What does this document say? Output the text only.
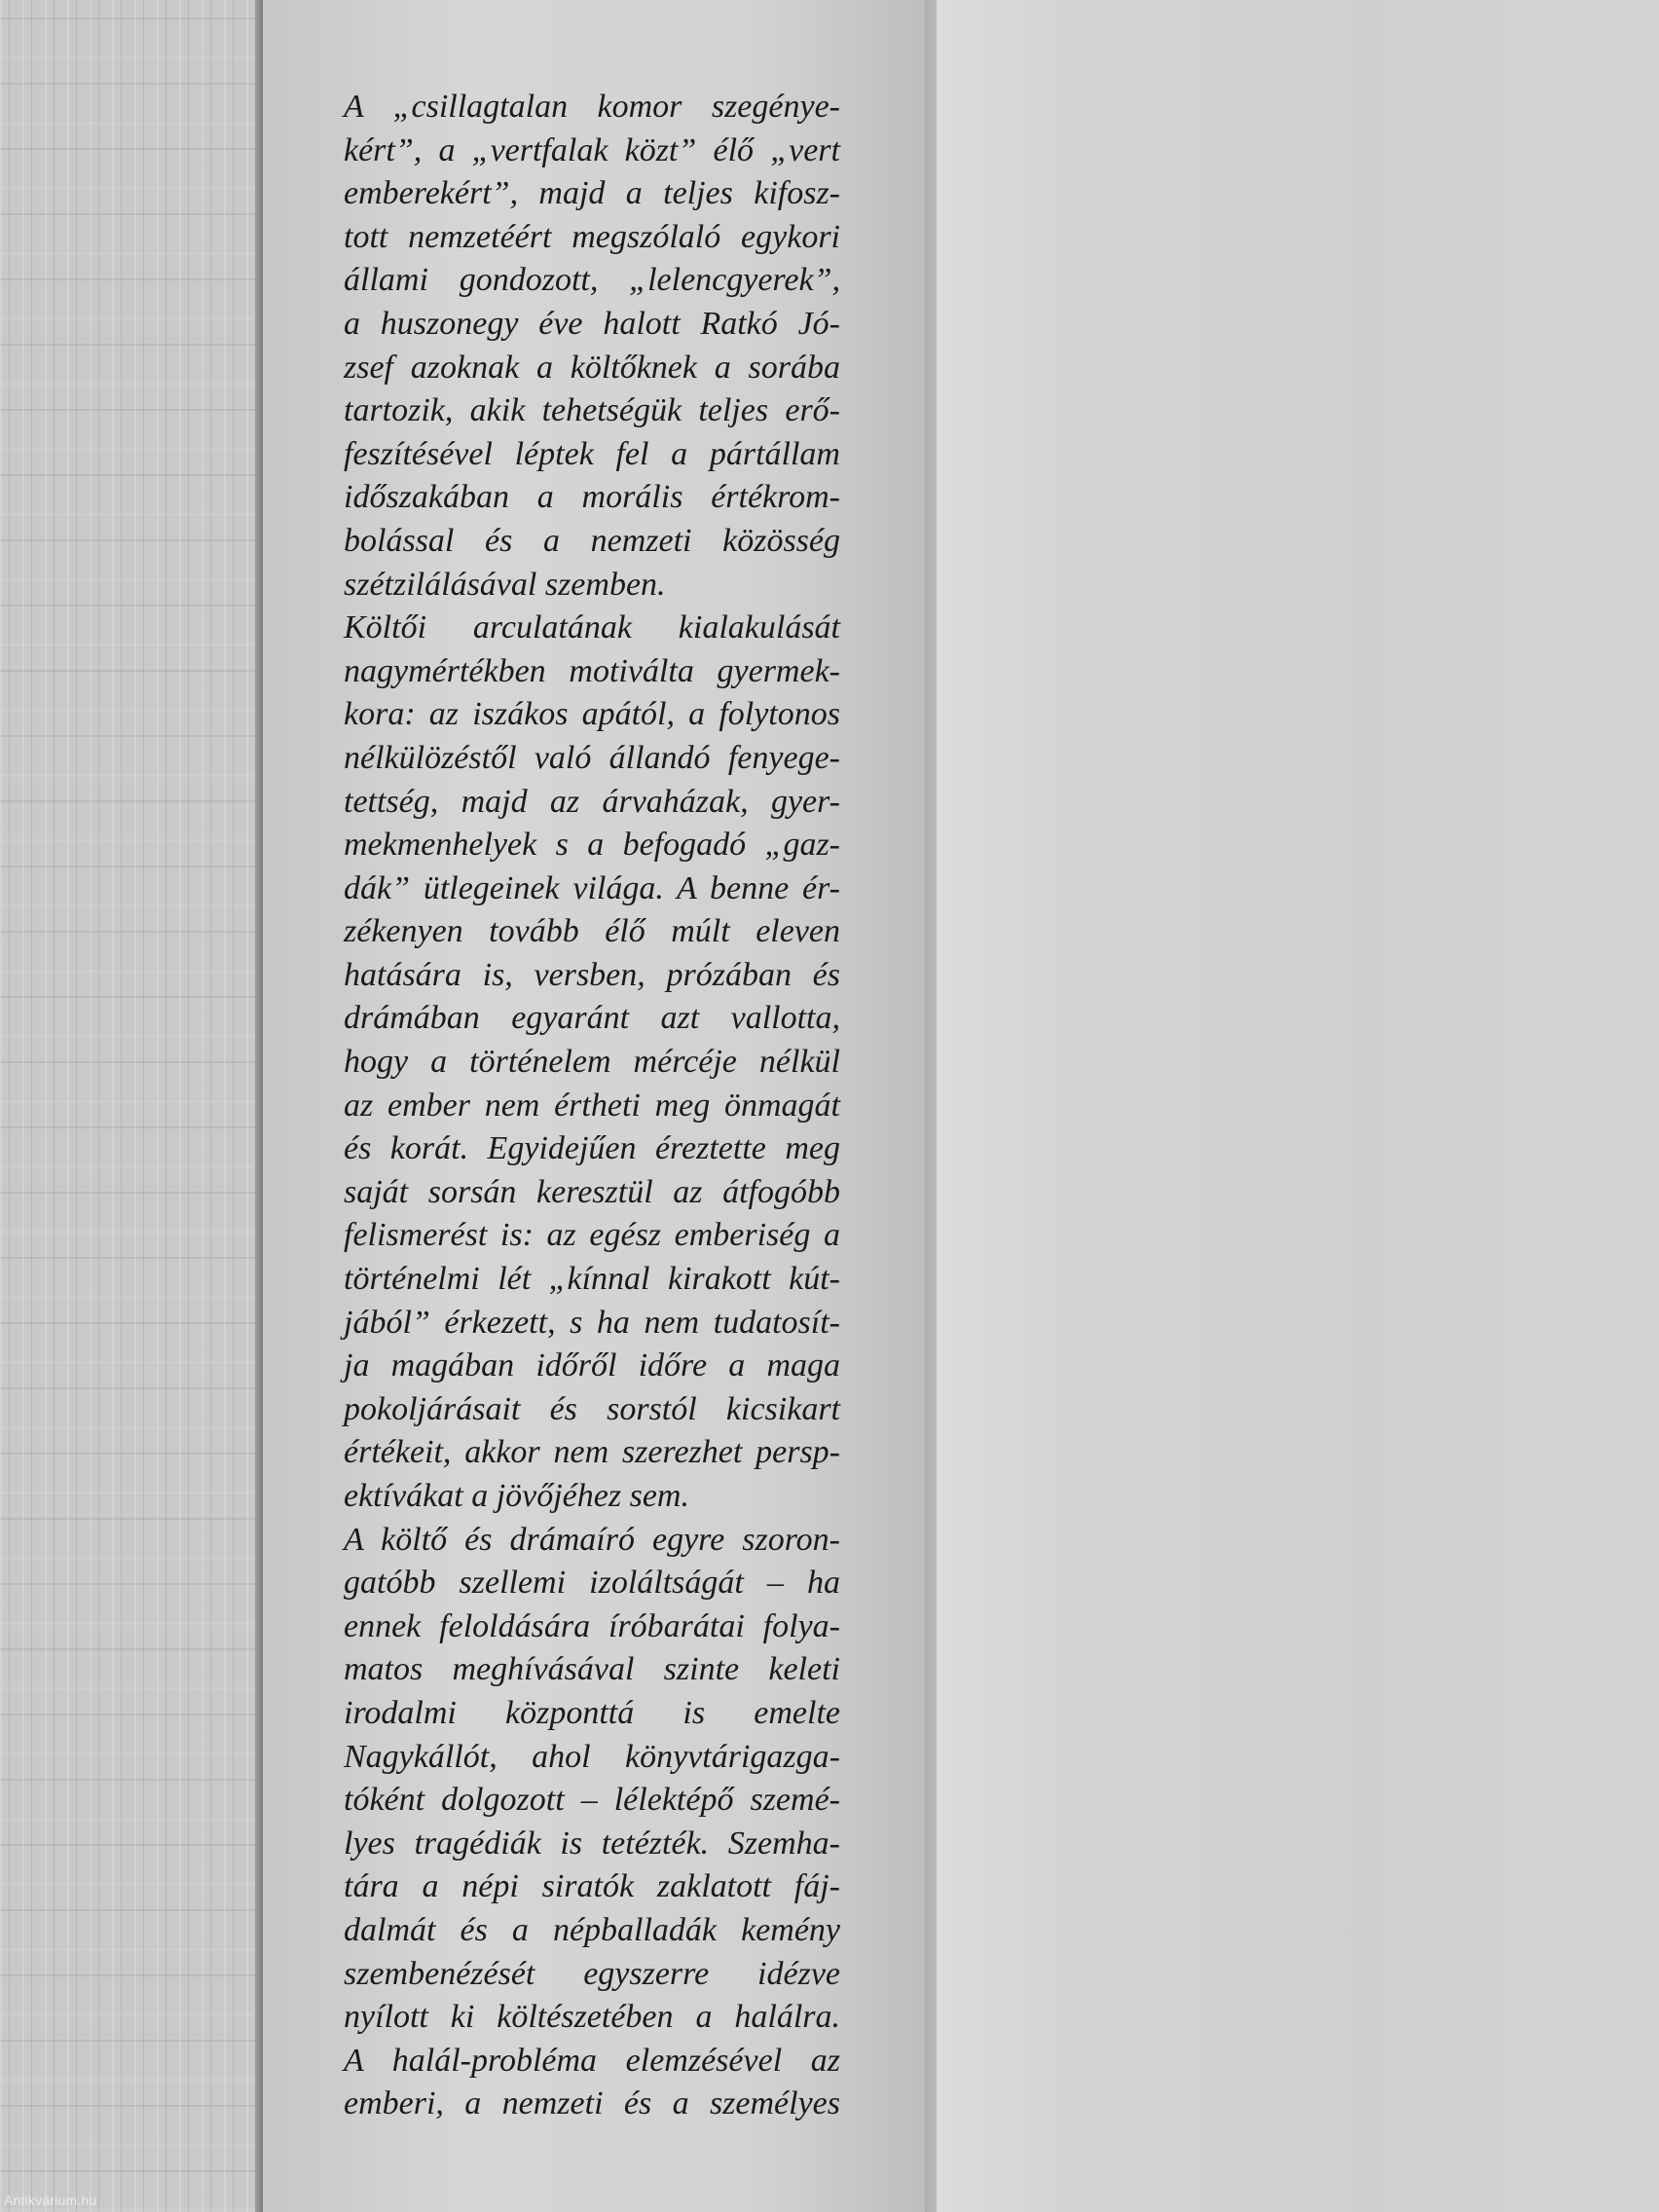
A „csillagtalan komor szegénye-
kért”, a „vertfalak közt” élő „vert
emberekért”, majd a teljes kifosz-
tott nemzetéért megszólaló egykori
állami gondozott, „lelencgyerek”,
a huszonegy éve halott Ratkó Jó-
zsef azoknak a költőknek a sorába
tartozik, akik tehetségük teljes erő-
feszítésével léptek fel a pártállam
időszakában a morális értékrom-
bolással és a nemzeti közösség
szétzilálásával szemben.
Költői arculatának kialakulását
nagymértékben motiválta gyermek-
kora: az iszákos apától, a folytonos
nélkülözéstől való állandó fenyege-
tettség, majd az árvaházak, gyer-
mekmenhelyek s a befogadó „gaz-
dák” ütlegeinek világa. A benne ér-
zékenyen tovább élő múlt eleven
hatására is, versben, prózában és
drámában egyaránt azt vallotta,
hogy a történelem mércéje nélkül
az ember nem értheti meg önmagát
és korát. Egyidejűen éreztette meg
saját sorsán keresztül az átfogóbb
felismerést is: az egész emberiség a
történelmi lét „kínnal kirakott kút-
jából” érkezett, s ha nem tudatosít-
ja magában időről időre a maga
pokoljárásait és sorstól kicsikart
értékeit, akkor nem szerezhet persp-
ektívákat a jövőjéhez sem.
A költő és drámaíró egyre szoron-
gatóbb szellemi izoláltságát – ha
ennek feloldására íróbarátai folya-
matos meghívásával szinte keleti
irodalmi központtá is emelte
Nagykállót, ahol könyvtárigazga-
tóként dolgozott – lélektépő szemé-
lyes tragédiák is tetézték. Szemha-
tára a népi siratók zaklatott fáj-
dalmát és a népballadák kemény
szembenézését egyszerre idézve
nyílott ki költészetében a halálra.
A halál-probléma elemzésével az
emberi, a nemzeti és a személyes
Antikvárium.hu
